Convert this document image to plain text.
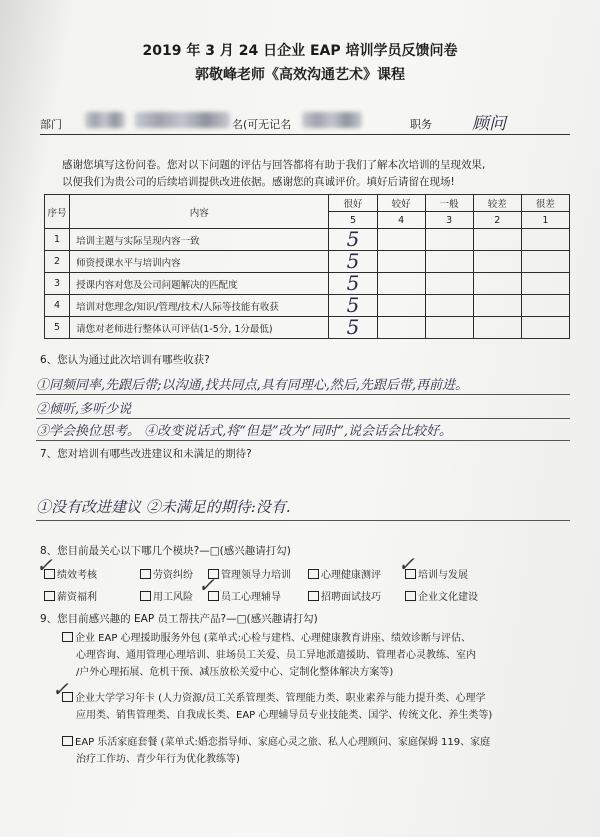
2019 年 3 月 24 日企业 EAP 培训学员反馈问卷
郭敬峰老师《高效沟通艺术》课程
部门	名(可无记名	职务 顾问
感谢您填写这份问卷。您对以下问题的评估与回答都将有助于我们了解本次培训的呈现效果,
以便我们为贵公司的后续培训提供改进依据。感谢您的真诚评价。填好后请留在现场!
序号	内容	很好	较好	一般	较差	很差
		5	4	3	2	1
1	培训主题与实际呈现内容一致	5				
2	师资授课水平与培训内容	5				
3	授课内容对您及公司问题解决的匹配度	5				
4	培训对您理念/知识/管理/技术/人际等技能有收获	5				
5	请您对老师进行整体认可评估(1-5分, 1分最低)	5				
6、您认为通过此次培训有哪些收获?
①同频同率,先跟后带;以沟通,找共同点,具有同理心,然后,先跟后带,再前进。
②倾听,多听少说
③学会换位思考。 ④改变说话式,将“但是”改为“同时”,说会话会比较好。
7、您对培训有哪些改进建议和未满足的期待?
①没有改进建议 ②未满足的期待:没有.
8、您目前最关心以下哪几个模块?—□(感兴趣请打勾)
绩效考核	劳资纠纷	管理领导力培训	心理健康测评	培训与发展
薪资福利	用工风险	员工心理辅导	招聘面试技巧	企业文化建设
✓
✓
✓
9、您目前感兴趣的 EAP 员工帮扶产品?—□(感兴趣请打勾)
企业 EAP 心理援助服务外包 (菜单式:心检与建档、心理健康教育讲座、绩效诊断与评估、
心理咨询、通用管理心理培训、驻场员工关爱、员工异地派遣援助、管理者心灵教练、室内
/户外心理拓展、危机干预、减压放松关爱中心、定制化整体解决方案等)
企业大学学习年卡 (人力资源/员工关系管理类、管理能力类、职业素养与能力提升类、心理学
应用类、销售管理类、自我成长类、EAP 心理辅导员专业技能类、国学、传统文化、养生类等)
✓
EAP 乐活家庭套餐 (菜单式:婚恋指导师、家庭心灵之旅、私人心理顾问、家庭保姆 119、家庭
治疗工作坊、青少年行为优化教练等)
